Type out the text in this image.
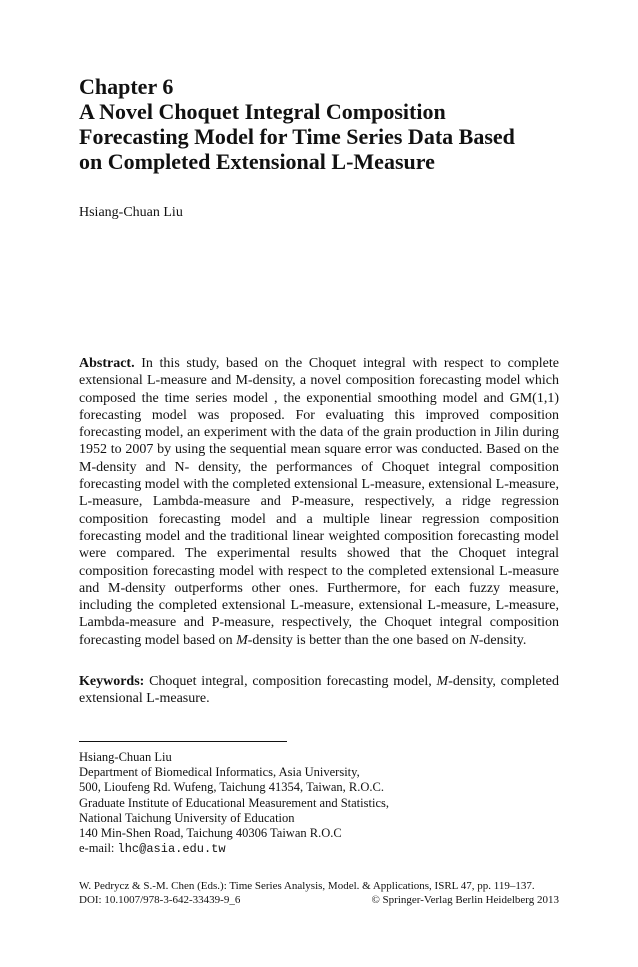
Chapter 6
A Novel Choquet Integral Composition
Forecasting Model for Time Series Data Based
on Completed Extensional L-Measure
Hsiang-Chuan Liu
Abstract. In this study, based on the Choquet integral with respect to complete extensional L-measure and M-density, a novel composition forecasting model which composed the time series model , the exponential smoothing model and GM(1,1) forecasting model was proposed. For evaluating this improved composition forecasting model, an experiment with the data of the grain production in Jilin during 1952 to 2007 by using the sequential mean square error was conducted. Based on the M-density and N- density, the performances of Choquet integral composition forecasting model with the completed extensional L-measure, extensional L-measure, L-measure, Lambda-measure and P-measure, respectively, a ridge regression composition forecasting model and a multiple linear regression composition forecasting model and the traditional linear weighted composition forecasting model were compared. The experimental results showed that the Choquet integral composition forecasting model with respect to the completed extensional L-measure and M-density outperforms other ones. Furthermore, for each fuzzy measure, including the completed extensional L-measure, extensional L-measure, L-measure, Lambda-measure and P-measure, respectively, the Choquet integral composition forecasting model based on M-density is better than the one based on N-density.
Keywords: Choquet integral, composition forecasting model, M-density, completed extensional L-measure.
Hsiang-Chuan Liu
Department of Biomedical Informatics, Asia University,
500, Lioufeng Rd. Wufeng, Taichung 41354, Taiwan, R.O.C.
Graduate Institute of Educational Measurement and Statistics,
National Taichung University of Education
140 Min-Shen Road, Taichung 40306 Taiwan R.O.C
e-mail: lhc@asia.edu.tw
W. Pedrycz & S.-M. Chen (Eds.): Time Series Analysis, Model. & Applications, ISRL 47, pp. 119–137.
DOI: 10.1007/978-3-642-33439-9_6	© Springer-Verlag Berlin Heidelberg 2013
